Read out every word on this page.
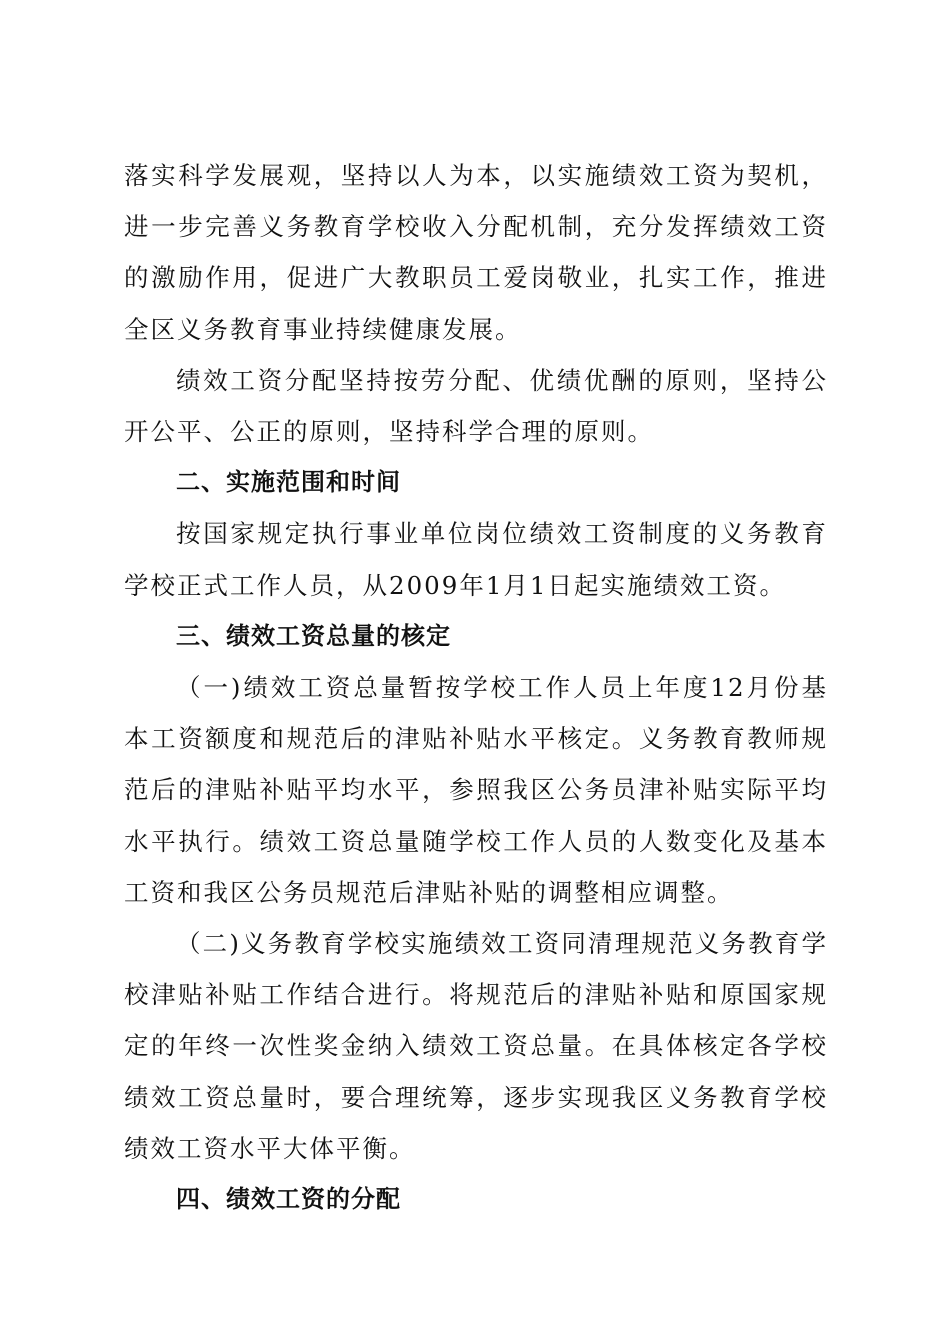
落实科学发展观，坚持以人为本，以实施绩效工资为契机，进一步完善义务教育学校收入分配机制，充分发挥绩效工资的激励作用，促进广大教职员工爱岗敬业，扎实工作，推进全区义务教育事业持续健康发展。

绩效工资分配坚持按劳分配、优绩优酬的原则，坚持公开公平、公正的原则，坚持科学合理的原则。

二、实施范围和时间

按国家规定执行事业单位岗位绩效工资制度的义务教育学校正式工作人员，从2009年1月1日起实施绩效工资。

三、绩效工资总量的核定

（一)绩效工资总量暂按学校工作人员上年度12月份基本工资额度和规范后的津贴补贴水平核定。义务教育教师规范后的津贴补贴平均水平，参照我区公务员津补贴实际平均水平执行。绩效工资总量随学校工作人员的人数变化及基本工资和我区公务员规范后津贴补贴的调整相应调整。

（二)义务教育学校实施绩效工资同清理规范义务教育学校津贴补贴工作结合进行。将规范后的津贴补贴和原国家规定的年终一次性奖金纳入绩效工资总量。在具体核定各学校绩效工资总量时，要合理统筹，逐步实现我区义务教育学校绩效工资水平大体平衡。

四、绩效工资的分配
